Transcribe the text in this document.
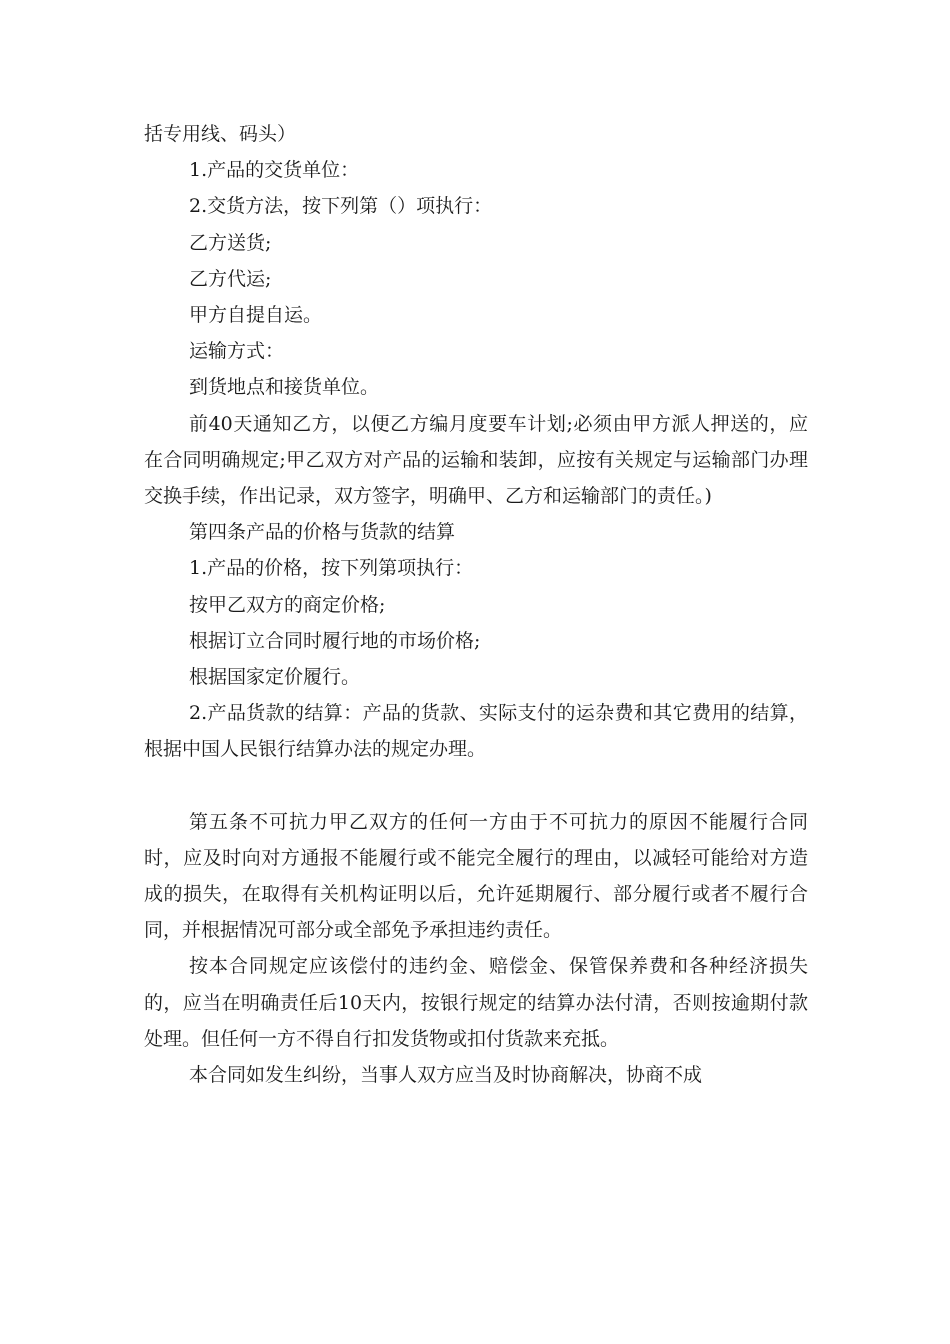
括专用线、码头）

1.产品的交货单位：

2.交货方法，按下列第（）项执行：

乙方送货;

乙方代运;

甲方自提自运。

运输方式：

到货地点和接货单位。

前40天通知乙方，以便乙方编月度要车计划;必须由甲方派人押送的，应在合同明确规定;甲乙双方对产品的运输和装卸，应按有关规定与运输部门办理交换手续，作出记录，双方签字，明确甲、乙方和运输部门的责任。)

第四条产品的价格与货款的结算

1.产品的价格，按下列第项执行：

按甲乙双方的商定价格;

根据订立合同时履行地的市场价格;

根据国家定价履行。

2.产品货款的结算：产品的货款、实际支付的运杂费和其它费用的结算，根据中国人民银行结算办法的规定办理。

第五条不可抗力甲乙双方的任何一方由于不可抗力的原因不能履行合同时，应及时向对方通报不能履行或不能完全履行的理由，以减轻可能给对方造成的损失，在取得有关机构证明以后，允许延期履行、部分履行或者不履行合同，并根据情况可部分或全部免予承担违约责任。

按本合同规定应该偿付的违约金、赔偿金、保管保养费和各种经济损失的，应当在明确责任后10天内，按银行规定的结算办法付清，否则按逾期付款处理。但任何一方不得自行扣发货物或扣付货款来充抵。

本合同如发生纠纷，当事人双方应当及时协商解决，协商不成
